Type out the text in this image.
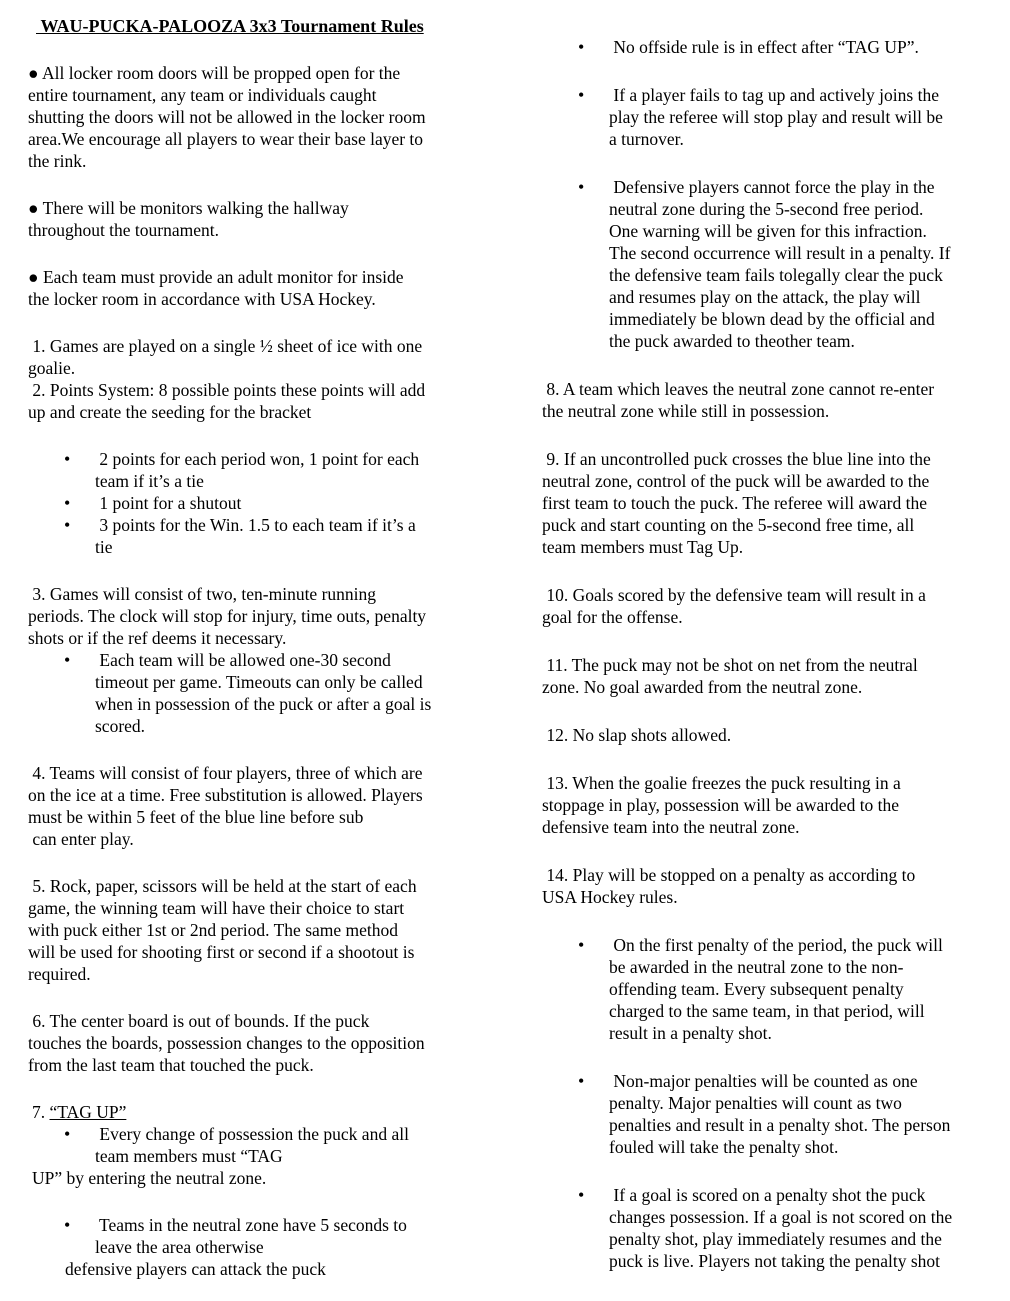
WAU-PUCKA-PALOOZA 3x3 Tournament Rules
● All locker room doors will be propped open for the
entire tournament, any team or individuals caught
shutting the doors will not be allowed in the locker room
area.We encourage all players to wear their base layer to
the rink.
● There will be monitors walking the hallway
throughout the tournament.
● Each team must provide an adult monitor for inside
the locker room in accordance with USA Hockey.
1. Games are played on a single ½ sheet of ice with one
goalie.
2. Points System: 8 possible points these points will add
up and create the seeding for the bracket
• 2 points for each period won, 1 point for each
team if it’s a tie
• 1 point for a shutout
• 3 points for the Win. 1.5 to each team if it’s a
tie
3. Games will consist of two, ten-minute running
periods. The clock will stop for injury, time outs, penalty
shots or if the ref deems it necessary.
• Each team will be allowed one-30 second
timeout per game. Timeouts can only be called
when in possession of the puck or after a goal is
scored.
4. Teams will consist of four players, three of which are
on the ice at a time. Free substitution is allowed. Players
must be within 5 feet of the blue line before sub
can enter play.
5. Rock, paper, scissors will be held at the start of each
game, the winning team will have their choice to start
with puck either 1st or 2nd period. The same method
will be used for shooting first or second if a shootout is
required.
6. The center board is out of bounds. If the puck
touches the boards, possession changes to the opposition
from the last team that touched the puck.
7. “TAG UP”
• Every change of possession the puck and all
team members must “TAG
UP” by entering the neutral zone.
• Teams in the neutral zone have 5 seconds to
leave the area otherwise
defensive players can attack the puck
• No offside rule is in effect after “TAG UP”.
• If a player fails to tag up and actively joins the
play the referee will stop play and result will be
a turnover.
• Defensive players cannot force the play in the
neutral zone during the 5-second free period.
One warning will be given for this infraction.
The second occurrence will result in a penalty. If
the defensive team fails tolegally clear the puck
and resumes play on the attack, the play will
immediately be blown dead by the official and
the puck awarded to theother team.
8. A team which leaves the neutral zone cannot re-enter
the neutral zone while still in possession.
9. If an uncontrolled puck crosses the blue line into the
neutral zone, control of the puck will be awarded to the
first team to touch the puck. The referee will award the
puck and start counting on the 5-second free time, all
team members must Tag Up.
10. Goals scored by the defensive team will result in a
goal for the offense.
11. The puck may not be shot on net from the neutral
zone. No goal awarded from the neutral zone.
12. No slap shots allowed.
13. When the goalie freezes the puck resulting in a
stoppage in play, possession will be awarded to the
defensive team into the neutral zone.
14. Play will be stopped on a penalty as according to
USA Hockey rules.
• On the first penalty of the period, the puck will
be awarded in the neutral zone to the non-
offending team. Every subsequent penalty
charged to the same team, in that period, will
result in a penalty shot.
• Non-major penalties will be counted as one
penalty. Major penalties will count as two
penalties and result in a penalty shot. The person
fouled will take the penalty shot.
• If a goal is scored on a penalty shot the puck
changes possession. If a goal is not scored on the
penalty shot, play immediately resumes and the
puck is live. Players not taking the penalty shot
